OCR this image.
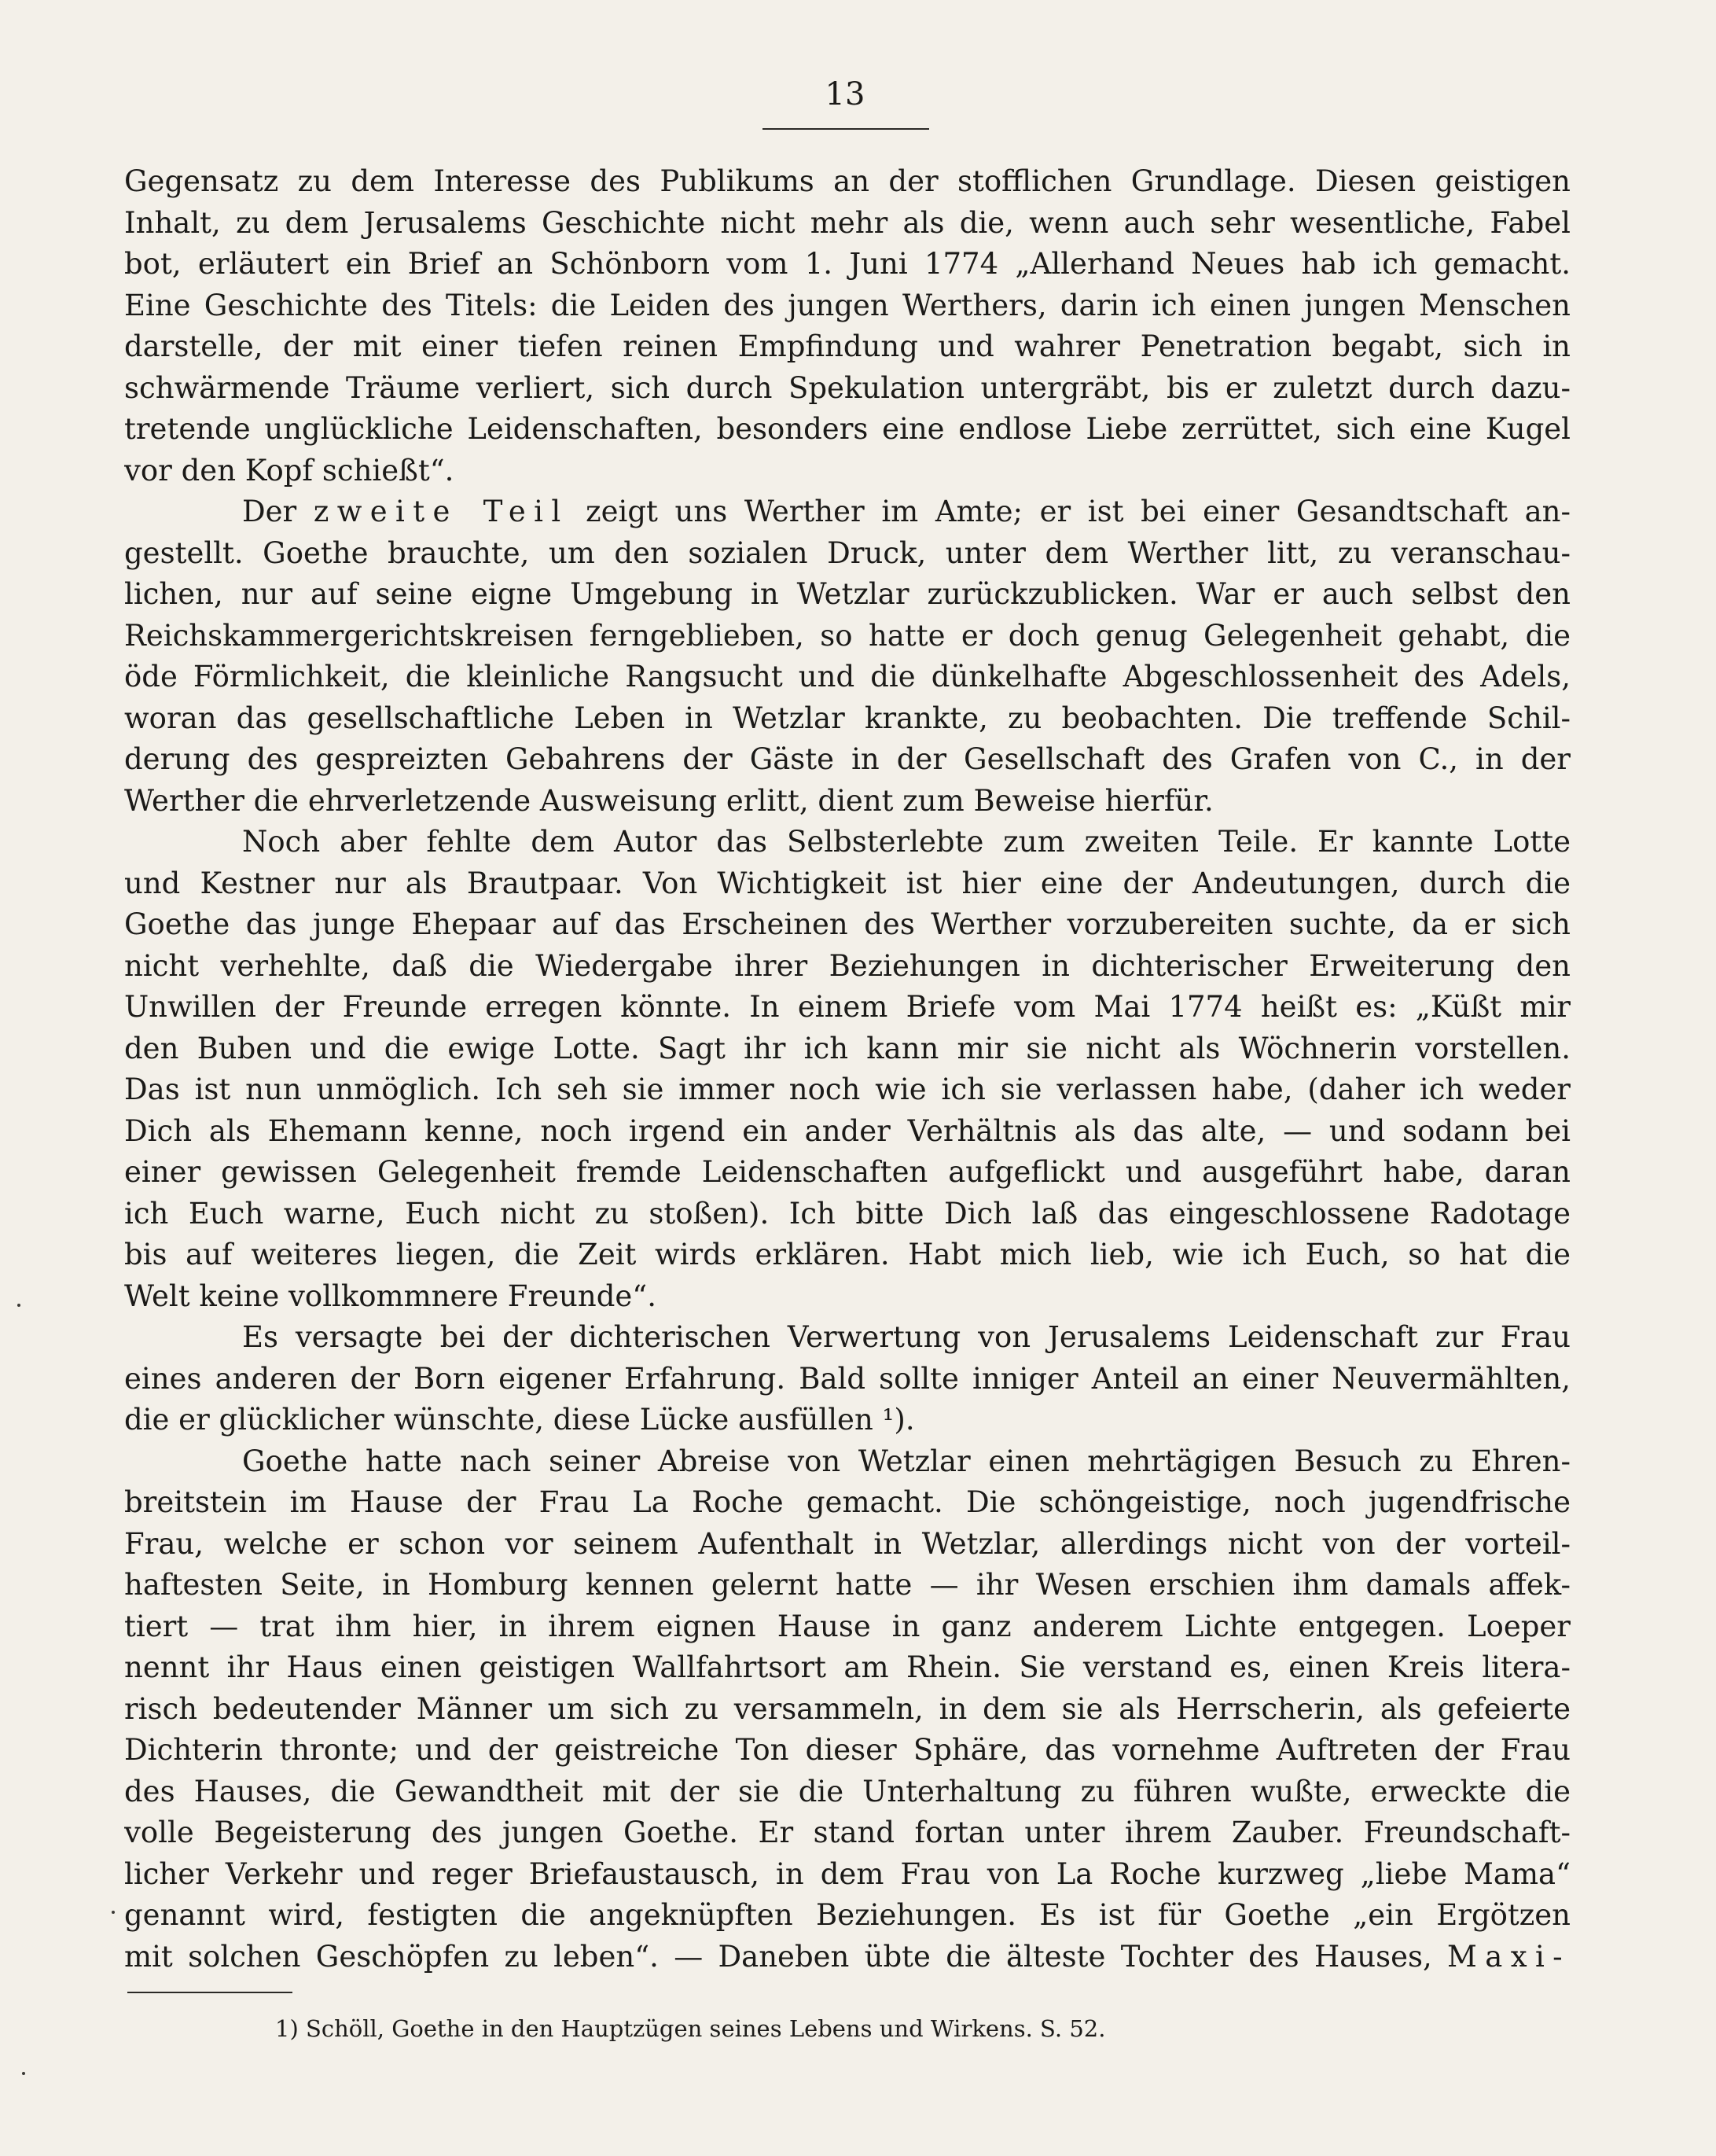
13
Gegensatz zu dem Interesse des Publikums an der stofflichen Grundlage. Diesen geistigen
Inhalt, zu dem Jerusalems Geschichte nicht mehr als die, wenn auch sehr wesentliche, Fabel
bot, erläutert ein Brief an Schönborn vom 1. Juni 1774 „Allerhand Neues hab ich gemacht.
Eine Geschichte des Titels: die Leiden des jungen Werthers, darin ich einen jungen Menschen
darstelle, der mit einer tiefen reinen Empfindung und wahrer Penetration begabt, sich in
schwärmende Träume verliert, sich durch Spekulation untergräbt, bis er zuletzt durch dazu-
tretende unglückliche Leidenschaften, besonders eine endlose Liebe zerrüttet, sich eine Kugel
vor den Kopf schießt“.
Der zweite Teil zeigt uns Werther im Amte; er ist bei einer Gesandtschaft an-
gestellt. Goethe brauchte, um den sozialen Druck, unter dem Werther litt, zu veranschau-
lichen, nur auf seine eigne Umgebung in Wetzlar zurückzublicken. War er auch selbst den
Reichskammergerichtskreisen ferngeblieben, so hatte er doch genug Gelegenheit gehabt, die
öde Förmlichkeit, die kleinliche Rangsucht und die dünkelhafte Abgeschlossenheit des Adels,
woran das gesellschaftliche Leben in Wetzlar krankte, zu beobachten. Die treffende Schil-
derung des gespreizten Gebahrens der Gäste in der Gesellschaft des Grafen von C., in der
Werther die ehrverletzende Ausweisung erlitt, dient zum Beweise hierfür.
Noch aber fehlte dem Autor das Selbsterlebte zum zweiten Teile. Er kannte Lotte
und Kestner nur als Brautpaar. Von Wichtigkeit ist hier eine der Andeutungen, durch die
Goethe das junge Ehepaar auf das Erscheinen des Werther vorzubereiten suchte, da er sich
nicht verhehlte, daß die Wiedergabe ihrer Beziehungen in dichterischer Erweiterung den
Unwillen der Freunde erregen könnte. In einem Briefe vom Mai 1774 heißt es: „Küßt mir
den Buben und die ewige Lotte. Sagt ihr ich kann mir sie nicht als Wöchnerin vorstellen.
Das ist nun unmöglich. Ich seh sie immer noch wie ich sie verlassen habe, (daher ich weder
Dich als Ehemann kenne, noch irgend ein ander Verhältnis als das alte, — und sodann bei
einer gewissen Gelegenheit fremde Leidenschaften aufgeflickt und ausgeführt habe, daran
ich Euch warne, Euch nicht zu stoßen). Ich bitte Dich laß das eingeschlossene Radotage
bis auf weiteres liegen, die Zeit wirds erklären. Habt mich lieb, wie ich Euch, so hat die
Welt keine vollkommnere Freunde“.
Es versagte bei der dichterischen Verwertung von Jerusalems Leidenschaft zur Frau
eines anderen der Born eigener Erfahrung. Bald sollte inniger Anteil an einer Neuvermählten,
die er glücklicher wünschte, diese Lücke ausfüllen ¹).
Goethe hatte nach seiner Abreise von Wetzlar einen mehrtägigen Besuch zu Ehren-
breitstein im Hause der Frau La Roche gemacht. Die schöngeistige, noch jugendfrische
Frau, welche er schon vor seinem Aufenthalt in Wetzlar, allerdings nicht von der vorteil-
haftesten Seite, in Homburg kennen gelernt hatte — ihr Wesen erschien ihm damals affek-
tiert — trat ihm hier, in ihrem eignen Hause in ganz anderem Lichte entgegen. Loeper
nennt ihr Haus einen geistigen Wallfahrtsort am Rhein. Sie verstand es, einen Kreis litera-
risch bedeutender Männer um sich zu versammeln, in dem sie als Herrscherin, als gefeierte
Dichterin thronte; und der geistreiche Ton dieser Sphäre, das vornehme Auftreten der Frau
des Hauses, die Gewandtheit mit der sie die Unterhaltung zu führen wußte, erweckte die
volle Begeisterung des jungen Goethe. Er stand fortan unter ihrem Zauber. Freundschaft-
licher Verkehr und reger Briefaustausch, in dem Frau von La Roche kurzweg „liebe Mama“
genannt wird, festigten die angeknüpften Beziehungen. Es ist für Goethe „ein Ergötzen
mit solchen Geschöpfen zu leben“. — Daneben übte die älteste Tochter des Hauses, Maxi-
1) Schöll, Goethe in den Hauptzügen seines Lebens und Wirkens. S. 52.
